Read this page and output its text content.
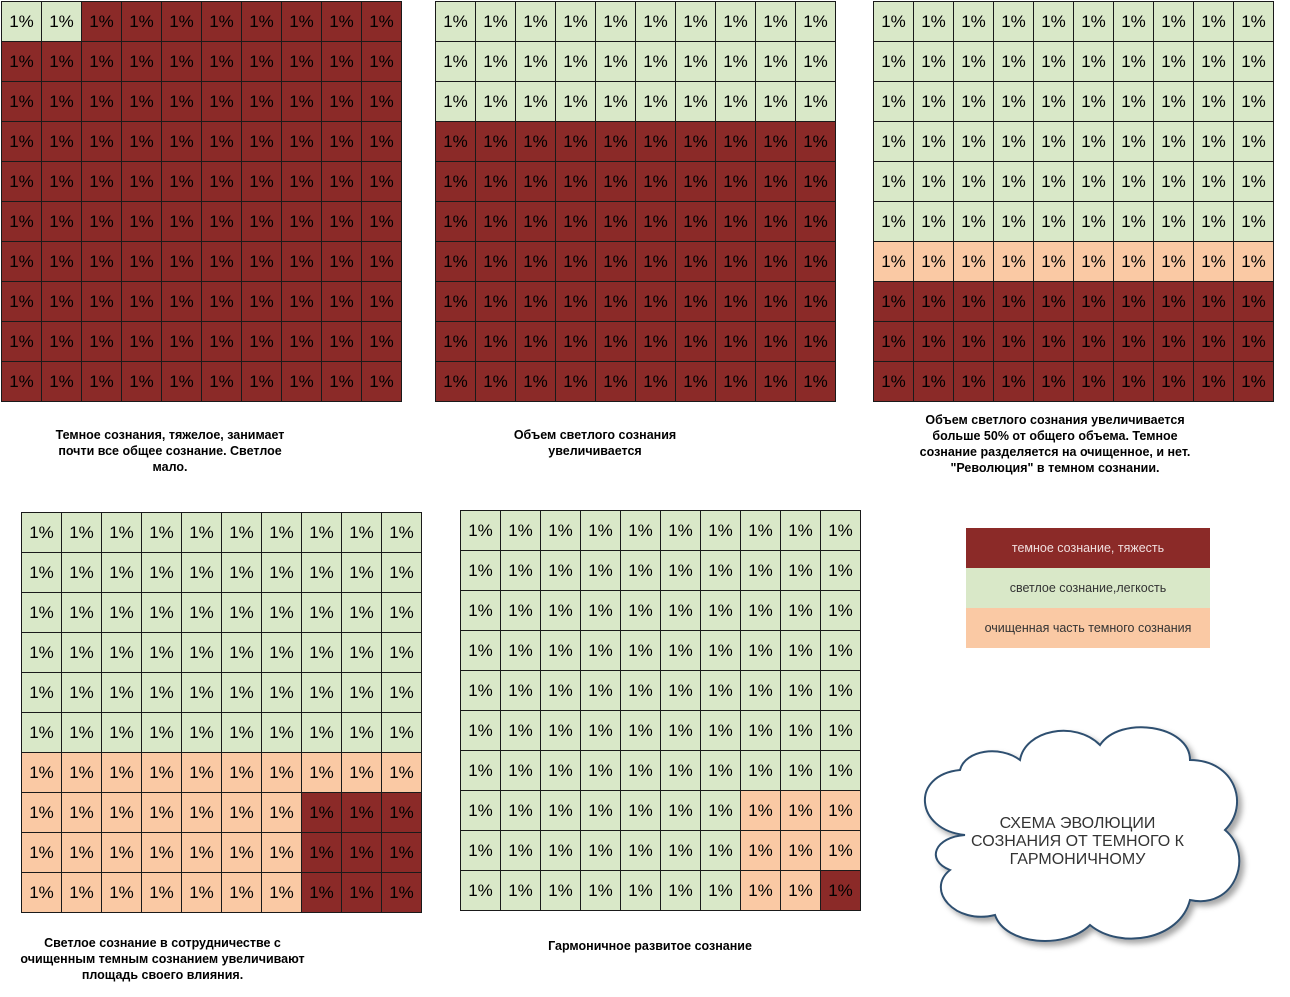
1% 1% 1% 1% 1% 1% 1% 1% 1% 1%
1% 1% 1% 1% 1% 1% 1% 1% 1% 1%
1% 1% 1% 1% 1% 1% 1% 1% 1% 1%
1% 1% 1% 1% 1% 1% 1% 1% 1% 1%
1% 1% 1% 1% 1% 1% 1% 1% 1% 1%
1% 1% 1% 1% 1% 1% 1% 1% 1% 1%
1% 1% 1% 1% 1% 1% 1% 1% 1% 1%
1% 1% 1% 1% 1% 1% 1% 1% 1% 1%
1% 1% 1% 1% 1% 1% 1% 1% 1% 1%
1% 1% 1% 1% 1% 1% 1% 1% 1% 1%
Темное сознания, тяжелое, занимает почти все общее сознание. Светлое мало.
1% 1% 1% 1% 1% 1% 1% 1% 1% 1%
1% 1% 1% 1% 1% 1% 1% 1% 1% 1%
1% 1% 1% 1% 1% 1% 1% 1% 1% 1%
1% 1% 1% 1% 1% 1% 1% 1% 1% 1%
1% 1% 1% 1% 1% 1% 1% 1% 1% 1%
1% 1% 1% 1% 1% 1% 1% 1% 1% 1%
1% 1% 1% 1% 1% 1% 1% 1% 1% 1%
1% 1% 1% 1% 1% 1% 1% 1% 1% 1%
1% 1% 1% 1% 1% 1% 1% 1% 1% 1%
1% 1% 1% 1% 1% 1% 1% 1% 1% 1%
Объем светлого сознания увеличивается
1% 1% 1% 1% 1% 1% 1% 1% 1% 1%
1% 1% 1% 1% 1% 1% 1% 1% 1% 1%
1% 1% 1% 1% 1% 1% 1% 1% 1% 1%
1% 1% 1% 1% 1% 1% 1% 1% 1% 1%
1% 1% 1% 1% 1% 1% 1% 1% 1% 1%
1% 1% 1% 1% 1% 1% 1% 1% 1% 1%
1% 1% 1% 1% 1% 1% 1% 1% 1% 1%
1% 1% 1% 1% 1% 1% 1% 1% 1% 1%
1% 1% 1% 1% 1% 1% 1% 1% 1% 1%
1% 1% 1% 1% 1% 1% 1% 1% 1% 1%
Объем светлого сознания увеличивается больше 50% от общего объема. Темное сознание разделяется на очищенное, и нет. "Революция" в темном сознании.
1% 1% 1% 1% 1% 1% 1% 1% 1% 1%
1% 1% 1% 1% 1% 1% 1% 1% 1% 1%
1% 1% 1% 1% 1% 1% 1% 1% 1% 1%
1% 1% 1% 1% 1% 1% 1% 1% 1% 1%
1% 1% 1% 1% 1% 1% 1% 1% 1% 1%
1% 1% 1% 1% 1% 1% 1% 1% 1% 1%
1% 1% 1% 1% 1% 1% 1% 1% 1% 1%
1% 1% 1% 1% 1% 1% 1% 1% 1% 1%
1% 1% 1% 1% 1% 1% 1% 1% 1% 1%
1% 1% 1% 1% 1% 1% 1% 1% 1% 1%
Светлое сознание в сотрудничестве с очищенным темным сознанием увеличивают площадь своего влияния.
1% 1% 1% 1% 1% 1% 1% 1% 1% 1%
1% 1% 1% 1% 1% 1% 1% 1% 1% 1%
1% 1% 1% 1% 1% 1% 1% 1% 1% 1%
1% 1% 1% 1% 1% 1% 1% 1% 1% 1%
1% 1% 1% 1% 1% 1% 1% 1% 1% 1%
1% 1% 1% 1% 1% 1% 1% 1% 1% 1%
1% 1% 1% 1% 1% 1% 1% 1% 1% 1%
1% 1% 1% 1% 1% 1% 1% 1% 1% 1%
1% 1% 1% 1% 1% 1% 1% 1% 1% 1%
1% 1% 1% 1% 1% 1% 1% 1% 1% 1%
Гармоничное развитое сознание
темное сознание, тяжесть
светлое сознание,легкость
очищенная часть темного сознания
СХЕМА ЭВОЛЮЦИИ
СОЗНАНИЯ ОТ ТЕМНОГО К
ГАРМОНИЧНОМУ
